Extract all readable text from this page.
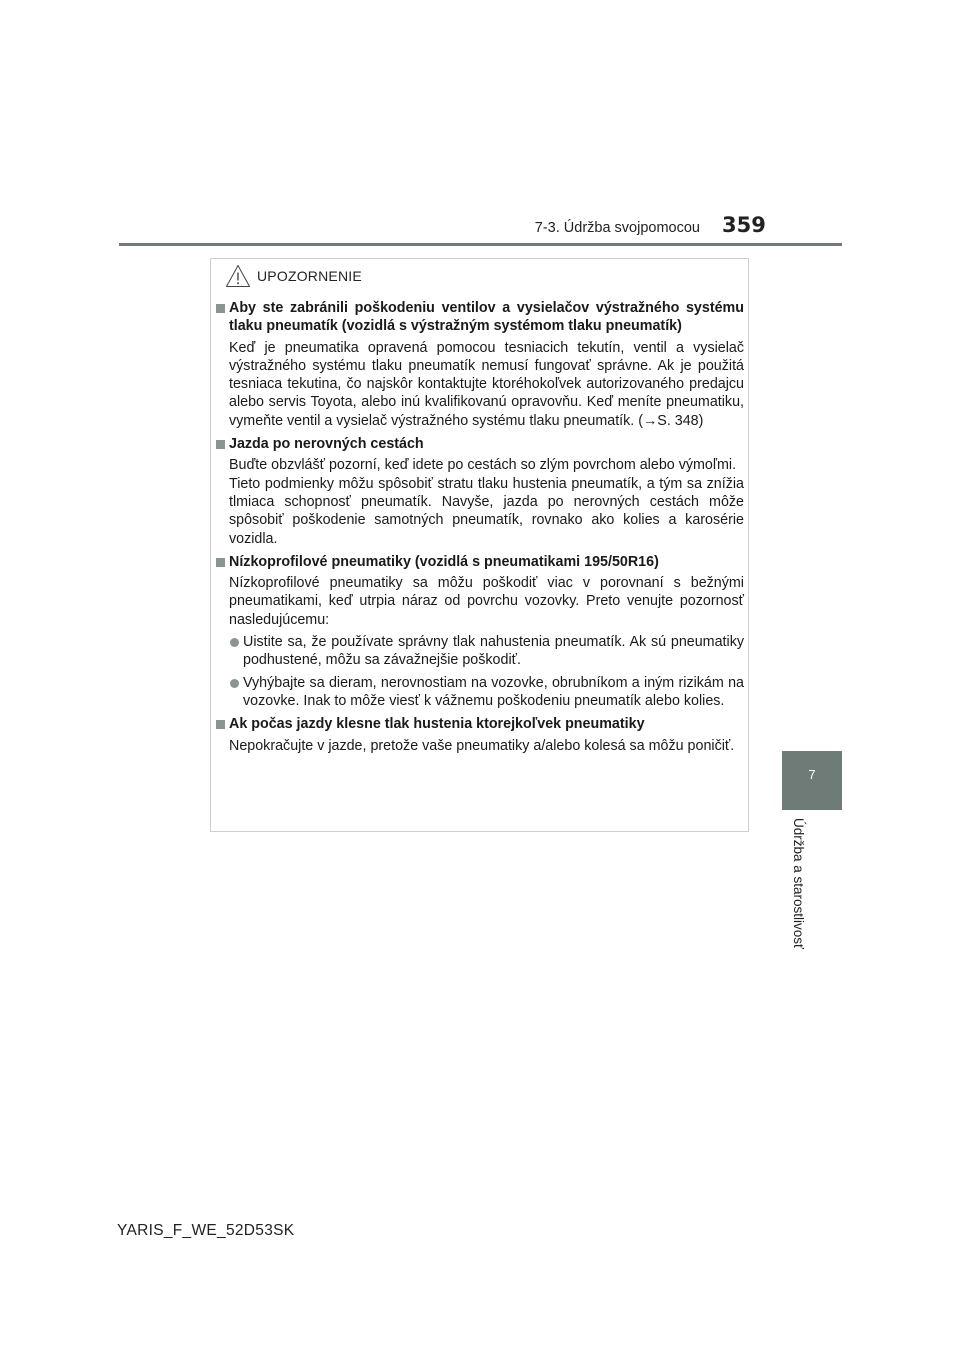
7-3. Údržba svojpomocou 359
7
Údržba a starostlivosť
UPOZORNENIE
Aby ste zabránili poškodeniu ventilov a vysielačov výstražného systému tlaku pneumatík (vozidlá s výstražným systémom tlaku pneumatík)

Keď je pneumatika opravená pomocou tesniacich tekutín, ventil a vysielač výstražného systému tlaku pneumatík nemusí fungovať správne. Ak je použitá tesniaca tekutina, čo najskôr kontaktujte ktoréhokoľvek autorizovaného predajcu alebo servis Toyota, alebo inú kvalifikovanú opravovňu. Keď meníte pneumatiku, vymeňte ventil a vysielač výstražného systému tlaku pneumatík. (→S. 348)

Jazda po nerovných cestách

Buďte obzvlášť pozorní, keď idete po cestách so zlým povrchom alebo výmoľmi.

Tieto podmienky môžu spôsobiť stratu tlaku hustenia pneumatík, a tým sa znížia tlmiaca schopnosť pneumatík. Navyše, jazda po nerovných cestách môže spôsobiť poškodenie samotných pneumatík, rovnako ako kolies a karosérie vozidla.

Nízkoprofilové pneumatiky (vozidlá s pneumatikami 195/50R16)

Nízkoprofilové pneumatiky sa môžu poškodiť viac v porovnaní s bežnými pneumatikami, keď utrpia náraz od povrchu vozovky. Preto venujte pozornosť nasledujúcemu:

Uistite sa, že používate správny tlak nahustenia pneumatík. Ak sú pneumatiky podhustené, môžu sa závažnejšie poškodiť.
Vyhýbajte sa dieram, nerovnostiam na vozovke, obrubníkom a iným rizikám na vozovke. Inak to môže viesť k vážnemu poškodeniu pneumatík alebo kolies.
Ak počas jazdy klesne tlak hustenia ktorejkoľvek pneumatiky

Nepokračujte v jazde, pretože vaše pneumatiky a/alebo kolesá sa môžu poničiť.

YARIS_F_WE_52D53SK
